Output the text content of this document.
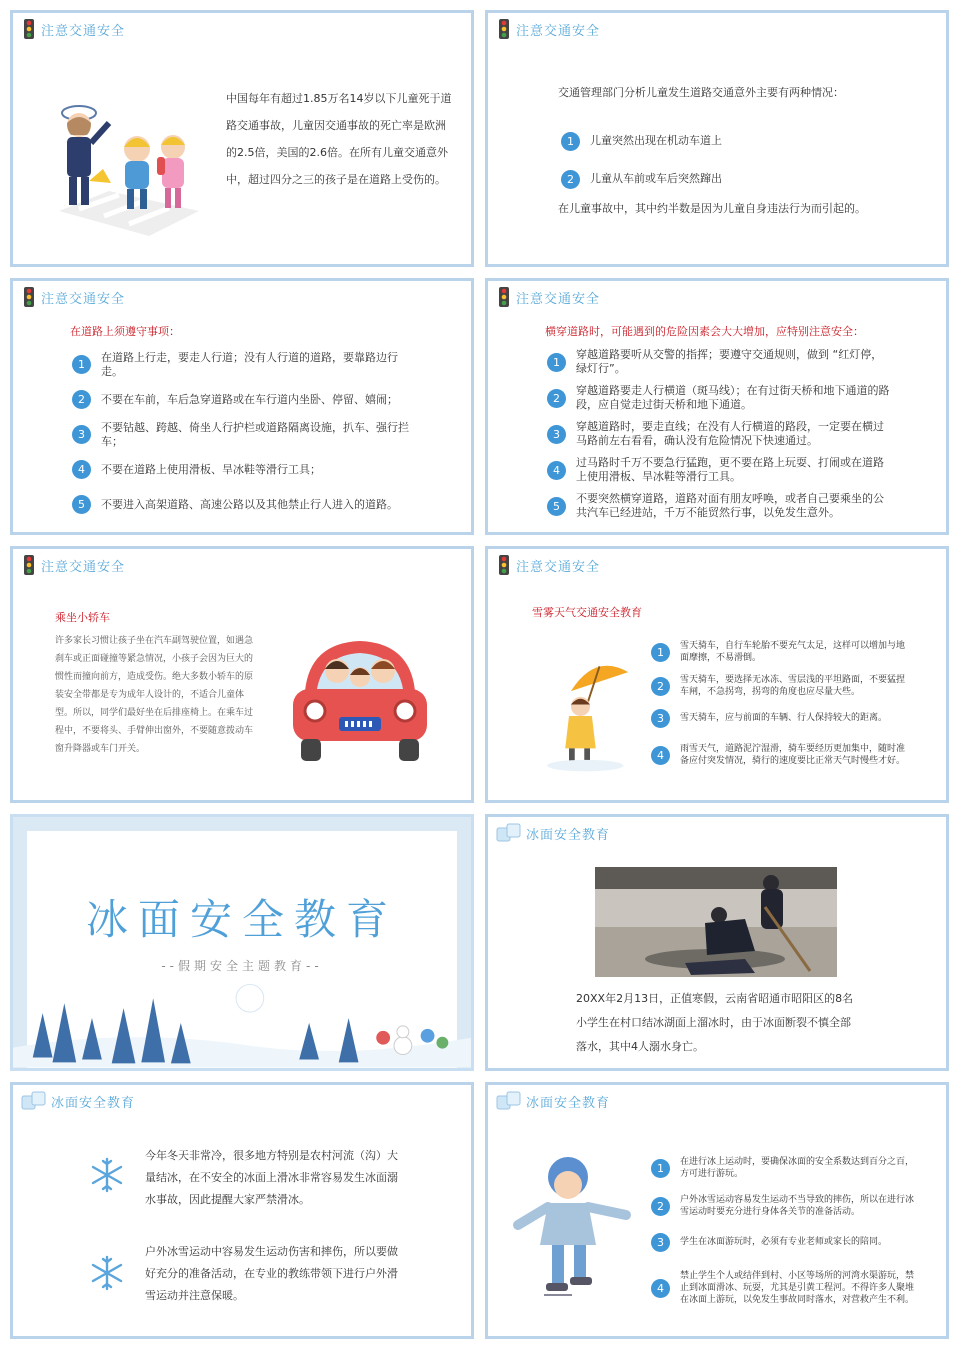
注意交通安全
中国每年有超过1.85万名14岁以下儿童死于道路交通事故，儿童因交通事故的死亡率是欧洲的2.5倍，美国的2.6倍。在所有儿童交通意外中，超过四分之三的孩子是在道路上受伤的。
注意交通安全
交通管理部门分析儿童发生道路交通意外主要有两种情况：
1	儿童突然出现在机动车道上
2	儿童从车前或车后突然蹿出
在儿童事故中，其中约半数是因为儿童自身违法行为而引起的。
注意交通安全
在道路上须遵守事项：
1
在道路上行走，要走人行道；没有人行道的道路，要靠路边行走。
2	不要在车前，车后急穿道路或在车行道内坐卧、停留、嬉闹；
3
不要钻越、跨越、倚坐人行护栏或道路隔离设施，扒车、强行拦车；
4	不要在道路上使用滑板、旱冰鞋等滑行工具；
5	不要进入高架道路、高速公路以及其他禁止行人进入的道路。
注意交通安全
横穿道路时，可能遇到的危险因素会大大增加，应特别注意安全：
1
穿越道路要听从交警的指挥；要遵守交通规则，做到 “红灯停，绿灯行”。
2
穿越道路要走人行横道（斑马线）；在有过街天桥和地下通道的路段，应自觉走过街天桥和地下通道。
3
穿越道路时，要走直线；在没有人行横道的路段，一定要在横过马路前左右看看，确认没有危险情况下快速通过。
4
过马路时千万不要急行猛跑，更不要在路上玩耍、打闹或在道路上使用滑板、旱冰鞋等滑行工具。
5
不要突然横穿道路，道路对面有朋友呼唤，或者自己要乘坐的公共汽车已经进站，千万不能贸然行事，以免发生意外。
注意交通安全
乘坐小轿车
许多家长习惯让孩子坐在汽车副驾驶位置，如遇急刹车或正面碰撞等紧急情况，小孩子会因为巨大的惯性而撞向前方，造成受伤。绝大多数小轿车的原装安全带都是专为成年人设计的，不适合儿童体型。所以，同学们最好坐在后排座椅上。在乘车过程中，不要将头、手臂伸出窗外，不要随意拨动车窗升降器或车门开关。
注意交通安全
雪雾天气交通安全教育
1	雪天骑车，自行车轮胎不要充气太足，这样可以增加与地面摩擦，不易滑倒。
2	雪天骑车，要选择无冰冻、雪层浅的平坦路面，不要猛捏车闸，不急拐弯，拐弯的角度也应尽量大些。
3	雪天骑车，应与前面的车辆、行人保持较大的距离。
4	雨雪天气，道路泥泞湿滑，骑车要经历更加集中，随时准备应付突发情况，骑行的速度要比正常天气时慢些才好。
冰面安全教育
--假期安全主题教育--
冰面安全教育
20XX年2月13日，正值寒假，云南省昭通市昭阳区的8名小学生在村口结冰湖面上溜冰时，由于冰面断裂不慎全部落水，其中4人溺水身亡。
冰面安全教育
今年冬天非常冷，很多地方特别是农村河流（沟）大量结冰，在不安全的冰面上滑冰非常容易发生冰面溺水事故，因此提醒大家严禁滑冰。
户外冰雪运动中容易发生运动伤害和摔伤，所以要做好充分的准备活动，在专业的教练带领下进行户外滑雪运动并注意保暖。
冰面安全教育
1	在进行冰上运动时，要确保冰面的安全系数达到百分之百，方可进行游玩。
2	户外冰雪运动容易发生运动不当导致的摔伤，所以在进行冰雪运动时要充分进行身体各关节的准备活动。
3	学生在冰面游玩时，必须有专业老师或家长的陪同。
4
禁止学生个人或结伴到村、小区等场所的河湾水渠游玩，禁止到冰面滑冰、玩耍，尤其是引黄工程河。不得许多人聚堆在冰面上游玩，以免发生事故同时落水，对营救产生不利。
